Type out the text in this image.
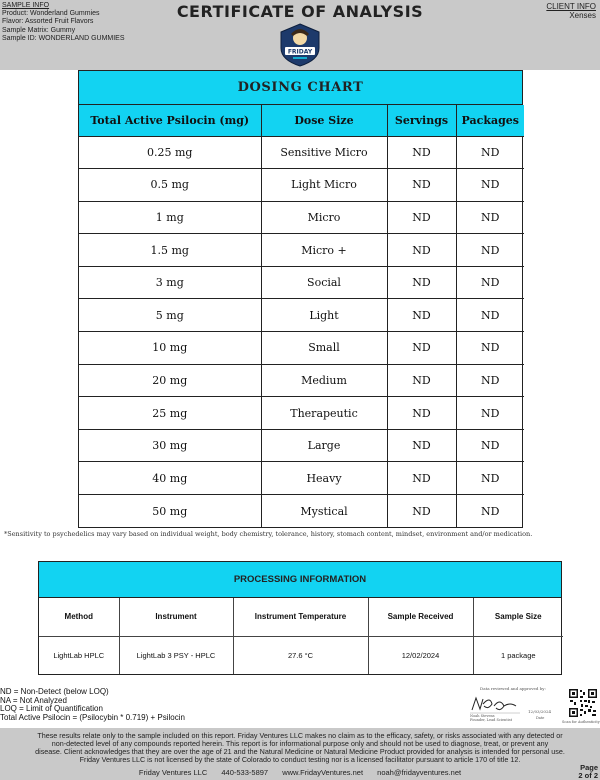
SAMPLE INFO
Product: Wonderland Gummies
Flavor: Assorted Fruit Flavors
Sample Matrix: Gummy
Sample ID: WONDERLAND GUMMIES
CERTIFICATE OF ANALYSIS	CLIENT INFO
Xenses
FRIDAY
DOSING CHART
Total Active Psilocin (mg)	Dose Size	Servings	Packages
0.25 mg	Sensitive Micro	ND	ND
0.5 mg	Light Micro	ND	ND
1 mg	Micro	ND	ND
1.5 mg	Micro +	ND	ND
3 mg	Social	ND	ND
5 mg	Light	ND	ND
10 mg	Small	ND	ND
20 mg	Medium	ND	ND
25 mg	Therapeutic	ND	ND
30 mg	Large	ND	ND
40 mg	Heavy	ND	ND
50 mg	Mystical	ND	ND
*Sensitivity to psychedelics may vary based on individual weight, body chemistry, tolerance, history, stomach content, mindset, environment and/or medication.
PROCESSING INFORMATION
Method	Instrument	Instrument Temperature	Sample Received	Sample Size
LightLab HPLC	LightLab 3 PSY - HPLC	27.6 °C	12/02/2024	1 package
ND = Non-Detect (below LOQ)
NA = Not Analyzed
LOQ = Limit of Quantification
Total Active Psilocin = (Psilocybin * 0.719) + Psilocin
Data reviewed and approved by:
12/03/2024
Date
Noah Stevens
Founder, Lead Scientist	Scan for Authenticity
These results relate only to the sample included on this report. Friday Ventures LLC makes no claim as to the efficacy, safety, or risks associated with any detected or
non-detected level of any compounds reported herein. This report is for informational purpose only and should not be used to diagnose, treat, or prevent any
disease. Client acknowledges that they are over the age of 21 and the Natural Medicine or Natural Medicine Product provided for analysis is intended for personal use.
Friday Ventures LLC is not licensed by the state of Colorado to conduct testing nor is a licensed facilitator pursuant to article 170 of title 12.
Friday Ventures LLC 440-533-5897 www.FridayVentures.net noah@fridayventures.net
Page
2 of 2
